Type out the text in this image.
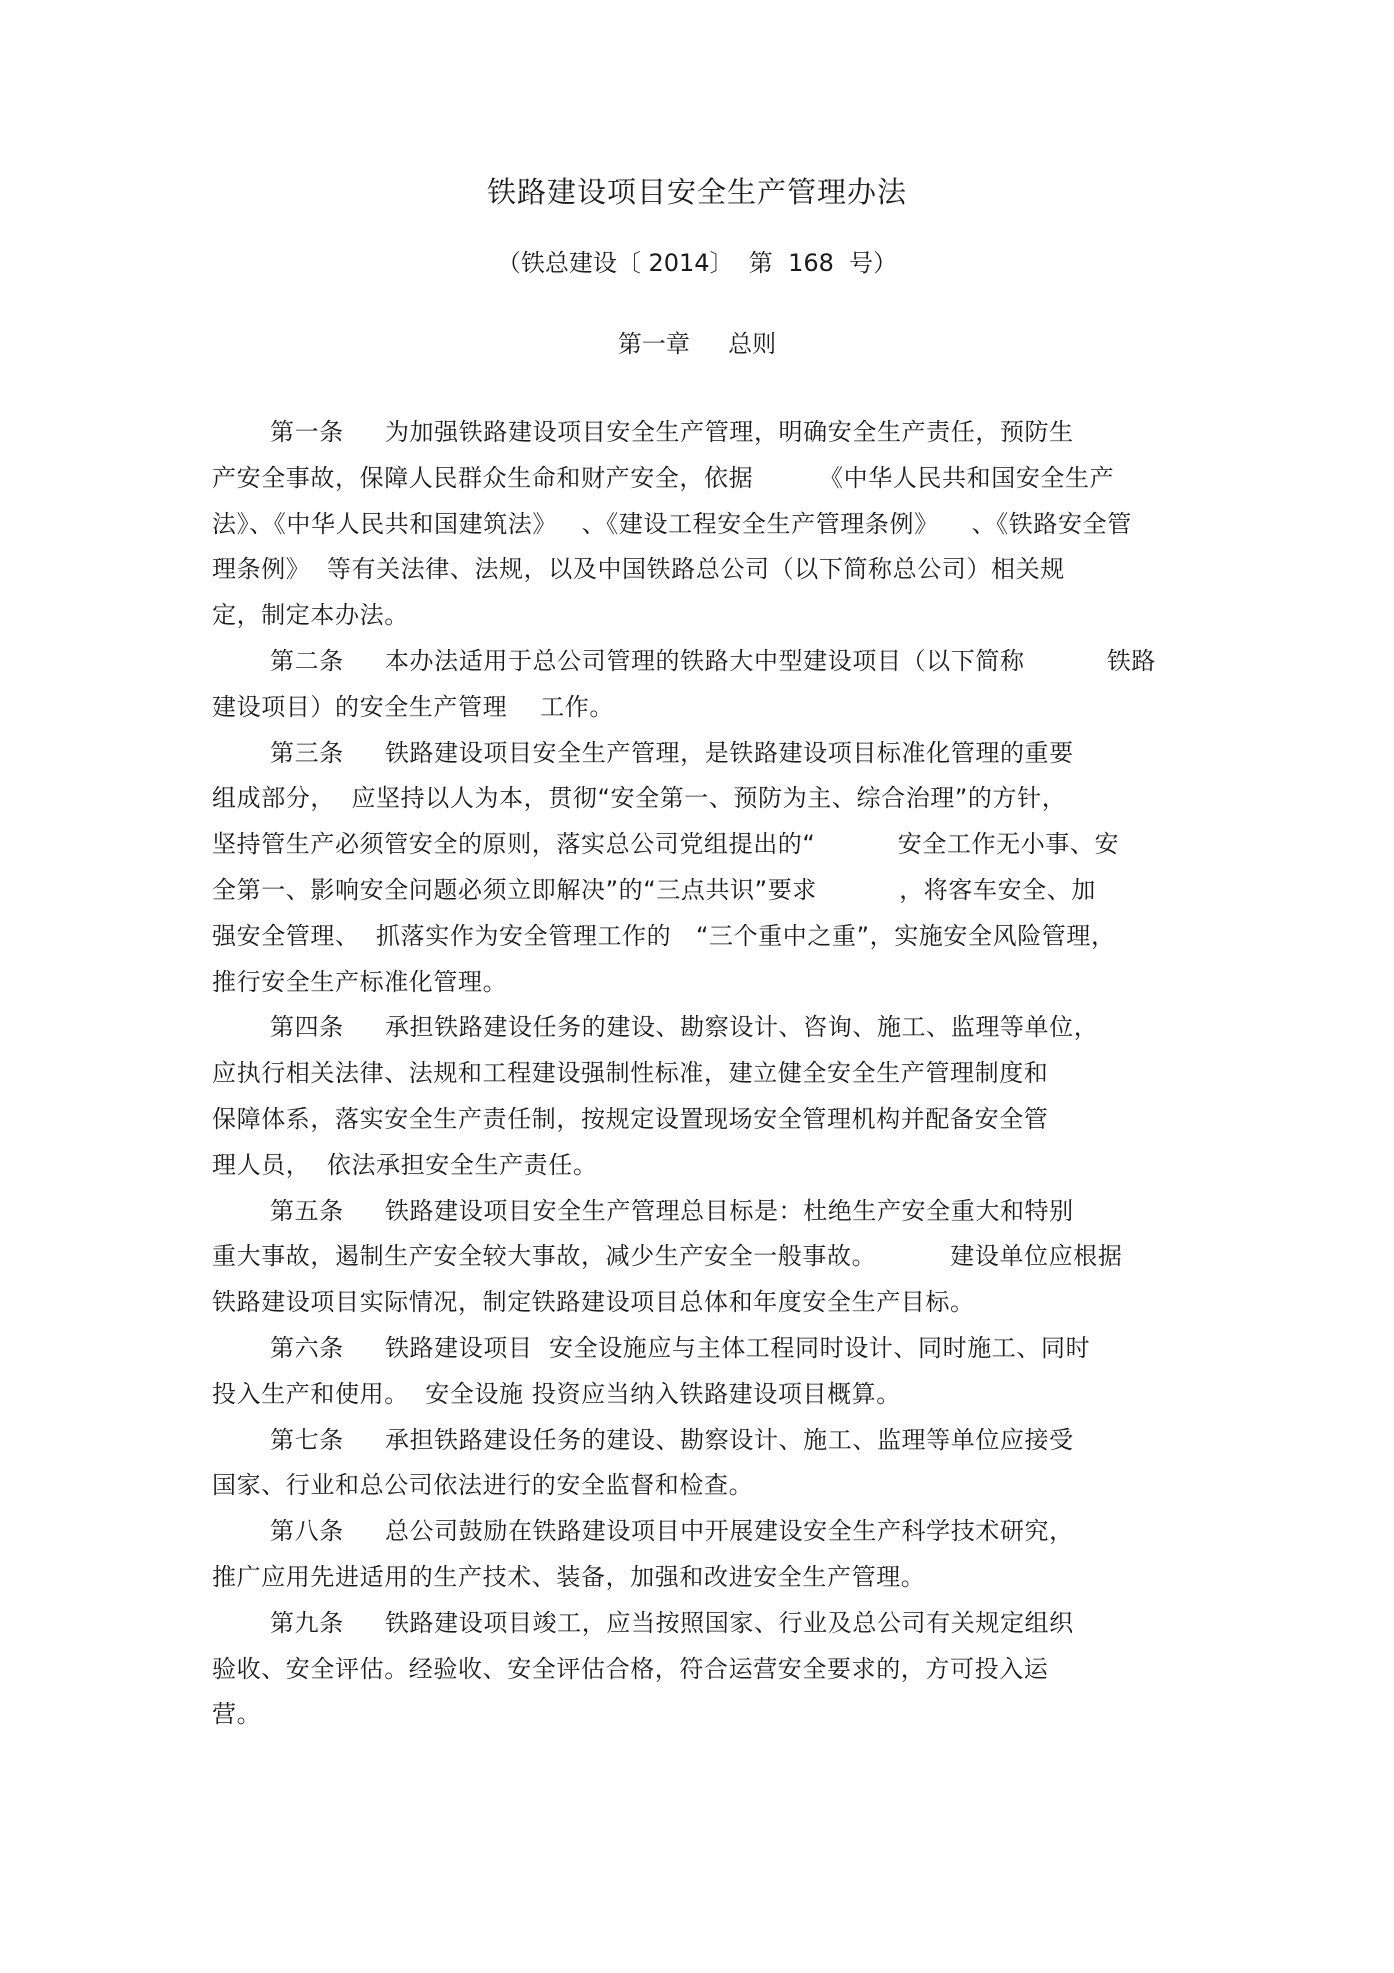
铁路建设项目安全生产管理办法
（铁总建设〔 2014〕  第  168  号）
第一章     总则
第一条     为加强铁路建设项目安全生产管理，明确安全生产责任，预防生
产安全事故，保障人民群众生命和财产安全，依据        《中华人民共和国安全生产
法》、《中华人民共和国建筑法》   、《建设工程安全生产管理条例》    、《铁路安全管
理条例》  等有关法律、法规，以及中国铁路总公司（以下简称总公司）相关规
定，制定本办法。
第二条     本办法适用于总公司管理的铁路大中型建设项目（以下简称          铁路
建设项目）的安全生产管理    工作。
第三条     铁路建设项目安全生产管理，是铁路建设项目标准化管理的重要
组成部分，  应坚持以人为本，贯彻“安全第一、预防为主、综合治理”的方针，
坚持管生产必须管安全的原则，落实总公司党组提出的“          安全工作无小事、安
全第一、影响安全问题必须立即解决”的“三点共识”要求          ，将客车安全、加
强安全管理、  抓落实作为安全管理工作的   “三个重中之重”，实施安全风险管理，
推行安全生产标准化管理。
第四条     承担铁路建设任务的建设、勘察设计、咨询、施工、监理等单位，
应执行相关法律、法规和工程建设强制性标准，建立健全安全生产管理制度和
保障体系，落实安全生产责任制，按规定设置现场安全管理机构并配备安全管
理人员，  依法承担安全生产责任。
第五条     铁路建设项目安全生产管理总目标是：杜绝生产安全重大和特别
重大事故，遏制生产安全较大事故，减少生产安全一般事故。         建设单位应根据
铁路建设项目实际情况，制定铁路建设项目总体和年度安全生产目标。
第六条     铁路建设项目  安全设施应与主体工程同时设计、同时施工、同时
投入生产和使用。  安全设施 投资应当纳入铁路建设项目概算。
第七条     承担铁路建设任务的建设、勘察设计、施工、监理等单位应接受
国家、行业和总公司依法进行的安全监督和检查。
第八条     总公司鼓励在铁路建设项目中开展建设安全生产科学技术研究，
推广应用先进适用的生产技术、装备，加强和改进安全生产管理。
第九条     铁路建设项目竣工，应当按照国家、行业及总公司有关规定组织
验收、安全评估。经验收、安全评估合格，符合运营安全要求的，方可投入运
营。
